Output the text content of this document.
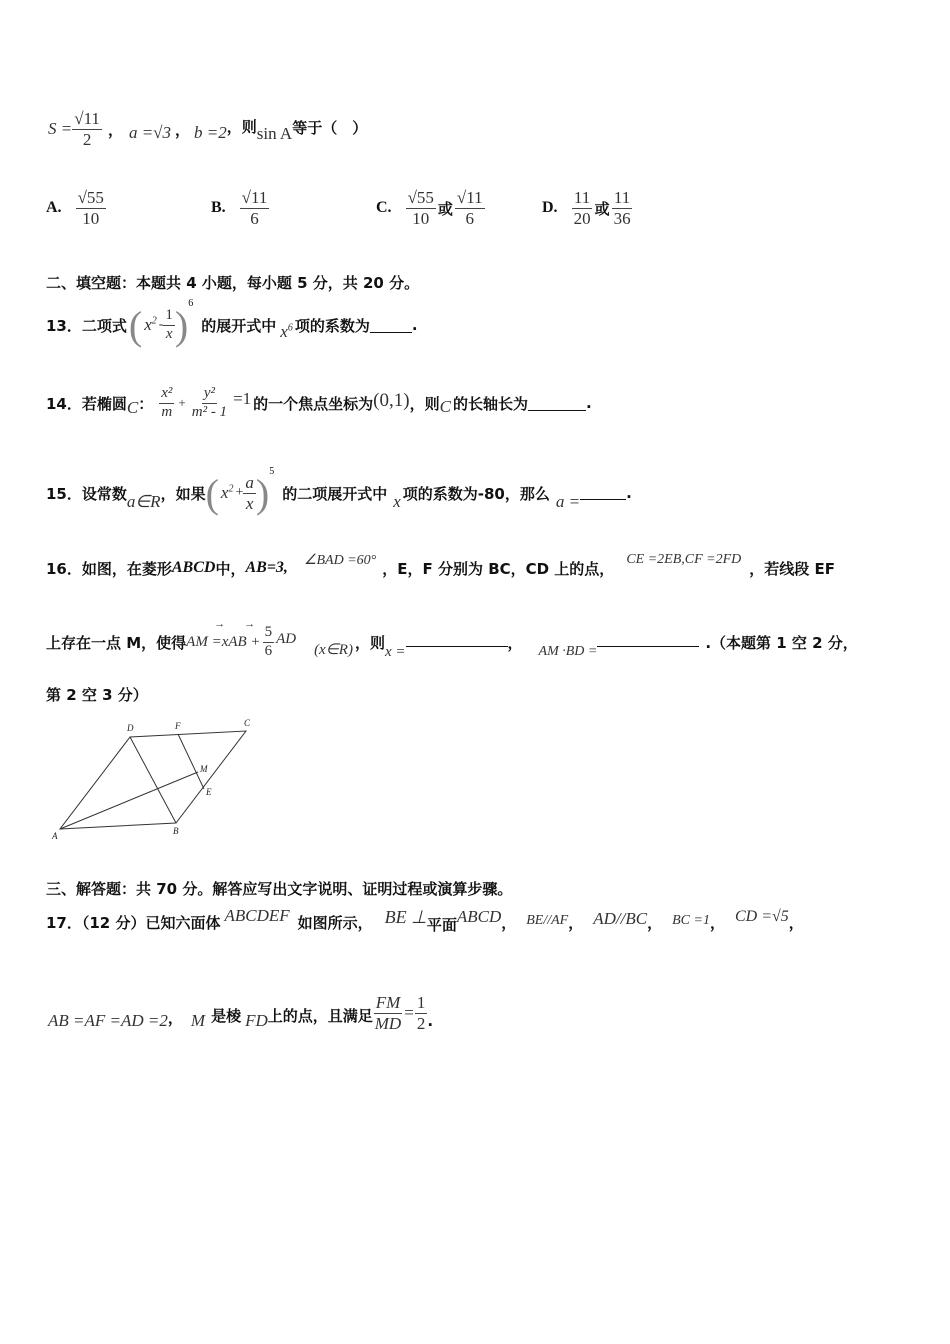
$S = \frac{√11}{2}$ ， a =√3 ， b =2 ，则 sin A 等于（　）
A. $\frac{√55}{10}$	B. $\frac{√11}{6}$	C. $\frac{√55}{10}$ 或 $\frac{√11}{6}$	D. $\frac{11}{20}$ 或 $\frac{11}{36}$
二、填空题：本题共 4 小题，每小题 5 分，共 20 分。
13．二项式 ( $x^2 - \frac{1}{x} )^6$
的展开式中 $x^6$ 项的系数为	.
14．若椭圆 C ： $\frac{\text{x²}}{m} + \frac{\text{y²}}{\text{m² - 1}} =1$ 的一个焦点坐标为 (0,1) ，则 C 的长轴长为	.
15．设常数 a∈R ，如果 ( $x^2 + \frac{a}{x} )^5$
的二项展开式中 x 项的系数为-80，那么 a =	.
16．如图，在菱形 ABCD 中， AB=3, ∠BAD =60° ，E，F 分别为 BC，CD 上的点， CE =2EB,CF =2FD ，若线段 EF
上存在一点 M，使得 AM =xAB +
→ →
$\frac{5}{6}$ AD
(x∈R) ，则 x =	， AM ·BD =	.（本题第 1 空 2 分，
第 2 空 3 分）
A	B
C
D
E
F
M
三、解答题：共 70 分。解答应写出文字说明、证明过程或演算步骤。
17．（12 分）已知六面体 ABCDEF 如图所示， BE ⊥ 平面 ABCD ， BE//AF ， AD//BC ， BC =1 ， CD =√5 ，
AB =AF =AD =2 ， M 是棱 FD 上的点，且满足 $\frac{FM}{MD} = \frac{1}{2}$ .
